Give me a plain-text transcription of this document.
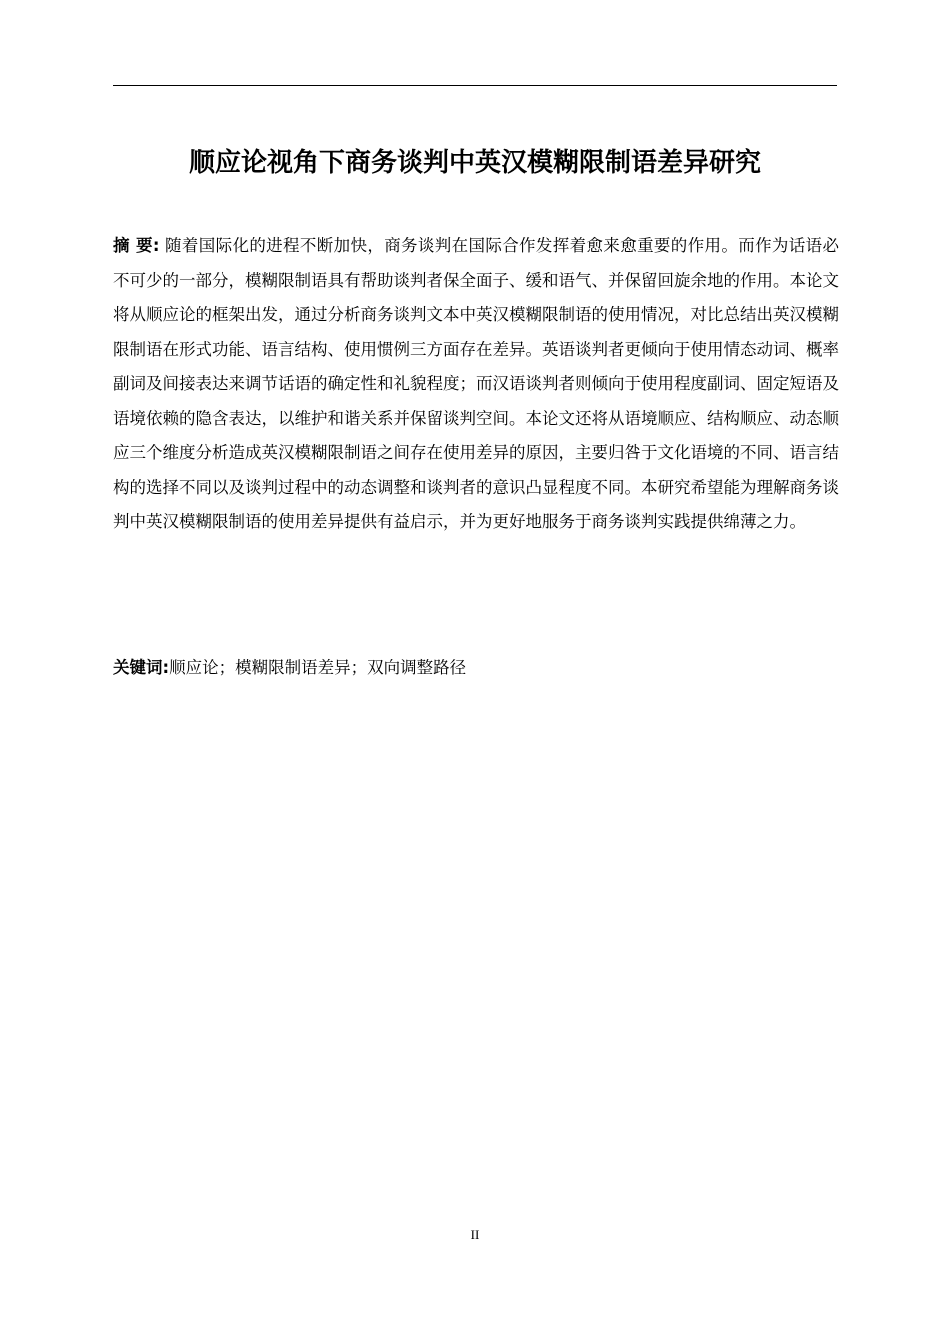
顺应论视角下商务谈判中英汉模糊限制语差异研究
摘 要: 随着国际化的进程不断加快，商务谈判在国际合作发挥着愈来愈重要的作用。而作为话语必不可少的一部分，模糊限制语具有帮助谈判者保全面子、缓和语气、并保留回旋余地的作用。本论文将从顺应论的框架出发，通过分析商务谈判文本中英汉模糊限制语的使用情况，对比总结出英汉模糊限制语在形式功能、语言结构、使用惯例三方面存在差异。英语谈判者更倾向于使用情态动词、概率副词及间接表达来调节话语的确定性和礼貌程度；而汉语谈判者则倾向于使用程度副词、固定短语及语境依赖的隐含表达，以维护和谐关系并保留谈判空间。本论文还将从语境顺应、结构顺应、动态顺应三个维度分析造成英汉模糊限制语之间存在使用差异的原因，主要归咎于文化语境的不同、语言结构的选择不同以及谈判过程中的动态调整和谈判者的意识凸显程度不同。本研究希望能为理解商务谈判中英汉模糊限制语的使用差异提供有益启示，并为更好地服务于商务谈判实践提供绵薄之力。
关键词:顺应论；模糊限制语差异；双向调整路径
II
